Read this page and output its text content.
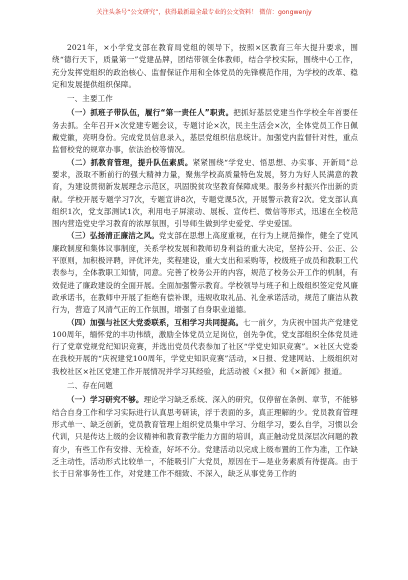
关注头条号“公文研究”，获得最新最全最专业的公文资料！ 微信：gongwenjy

2021年，×小学党支部在教育局党组的领导下，按照×区教育三年大提升要求，围绕“德行天下，质量第一”党建品牌，团结带领全体教师，结合学校实际，围绕中心工作，充分发挥党组织的政治核心、监督保证作用和全体党员的先锋模范作用，为学校的改革、稳定和发展提供组织保障。

一、主要工作

（一）抓班子带队伍，履行“第一责任人”职责。把抓好基层党建当作学校全年首要任务去抓。全年召开×次党建专题会议，专题讨论×次，民主生活会×次，全体党员工作日佩戴党徽，亮明身份。完成党员信息录入，基层党组织信息统计。加强党内监督针对性，重点监督校党的规章办事，依法治校等情况。

（二）抓教育管理，提升队伍素质。紧紧围绕“学党史、悟思想、办实事、开新局”总要求，汲取不断前行的强大精神力量，聚焦学校高质量特色发展，努力为好人民满意的教育，为建设贯彻新发展理念示范区，巩固脱贫攻坚教育保障成果。服务乡村振兴作出新的贡献。学校开展专题学习7次，专题宣讲8次，专题党课5次，开展警示教育2次。党支部认真组织1次，党支部测试1次，利用电子屏滚动、展板、宣传栏、微信等形式，迅速在全校范围内营造党史学习教育的浓厚氛围，引导师生做到学史爱党、学史爱国。

（三）弘扬清正廉洁之风。党支部在思想上高度重视，在行为上规范操作，健全了党风廉政制度和集体议事制度，关系学校发展和教师切身利益的重大决定，坚持公开、公正、公平原则，加积极评聘，评优评先，奖程建设，重大支出和采购等，校级班子成员和教职工代表参与，全体教职工知情，同意。完善了校务公开的内容，规范了校务公开工作的机制，有效促进了廉政建设的全面开展。全面加强警示教育。学校领导与班子和上级组织签定党风廉政承诺书，在教师中开展了拒绝有偿补课，违规收取礼品、礼金承诺活动，规范了廉洁从教行为，营造了风清气正的工作氛围，增强了自身职业道德。

（四）加强与社区大党委联系，互相学习共同提高。七一前夕，为庆祝中国共产党建党100周年，缅怀党的丰功伟绩，激励全体党员立足岗位，创先争优，党支部组织全体党员进行了党章党规党纪知识竞赛，并选出党员代表参加了社区“学党史知识竞赛”。×社区大党委在我校开展的“庆祝建党100周年，学党史知识竞赛”活动，×日报、党建网站、上级组织对我校社区×社区党建工作开展情况并学习其经验，此活动被《×报》和《×新闻》报道。

二、存在问题

（一）学习研究不够。理论学习缺乏系统、深入的研究，仅停留在条例、章节，不能够结合自身工作和学习实际进行认真思考研读，浮于表面的多，真正理解的少。党员教育管理形式单一、缺乏创新，党员教育管理上组织党员集中学习、分组学习，要么自学，习惯以会代训，只是传达上级的会议精神和教育教学能力方面的培训，真正触动党员深层次问题的教育少，有些工作有安排、无检查，好坏不分。党建活动以完成上级布置的工作为准，工作缺乏主动性，活动形式比较单一，不能吸引广大党员，原因在于—是业务素质有待提高。由于长于日常事务性工作，对党建工作不细致、不深入，缺乏从事党务工作的
